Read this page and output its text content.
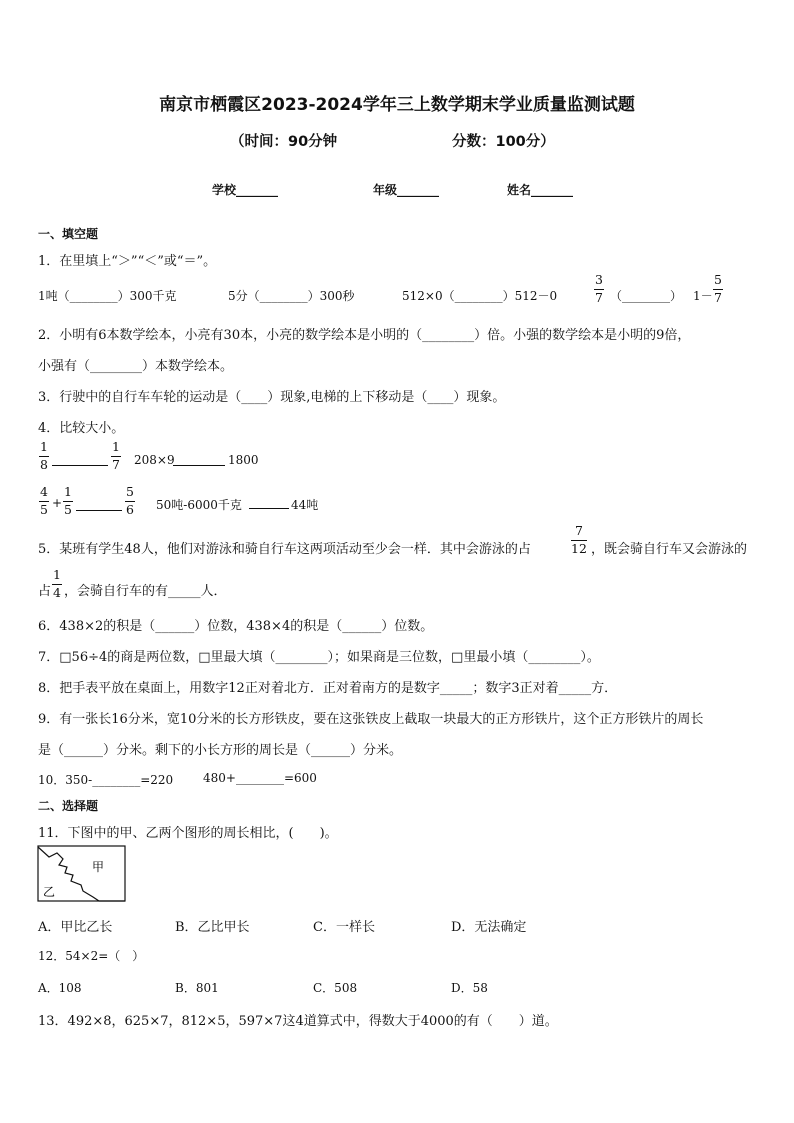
南京市栖霞区2023-2024学年三上数学期末学业质量监测试题
（时间：90分钟	分数：100分）
学校_______	年级_______	姓名_______
一、填空题
1．在里填上“＞”“＜”或“＝”。
1吨（________）300千克	5分（________）300秒	512×0（________）512－0	$\frac{3}{7}$ （________） $1- \frac{5}{7}$
2．小明有6本数学绘本，小亮有30本，小亮的数学绘本是小明的（________）倍。小强的数学绘本是小明的9倍，
小强有（________）本数学绘本。
3．行驶中的自行车车轮的运动是（____）现象,电梯的上下移动是（____）现象。
4．比较大小。
$\frac{1}{8}$	$\frac{1}{7} 208\times 9$	1800
$\frac{4}{5} + \frac{1}{5}$	$\frac{5}{6} 50$吨-6000千克	44吨
5．某班有学生48人，他们对游泳和骑自行车这两项活动至少会一样．其中会游泳的占	$\frac{7}{12}$ ，既会骑自行车又会游泳的
占 $\frac{1}{4}$ ，会骑自行车的有_____人．
6．438×2的积是（______）位数，438×4的积是（______）位数。
7．□56÷4的商是两位数，□里最大填（________）；如果商是三位数，□里最小填（________）。
8．把手表平放在桌面上，用数字12正对着北方．正对着南方的是数字_____；数字3正对着_____方．
9．有一张长16分米，宽10分米的长方形铁皮，要在这张铁皮上截取一块最大的正方形铁片，这个正方形铁片的周长
是（______）分米。剩下的小长方形的周长是（______）分米。
10．350-________=220 480+________=600
二、选择题
11．下图中的甲、乙两个图形的周长相比，(　　)。
甲
乙
A．甲比乙长	B．乙比甲长	C．一样长	D．无法确定
12．54×2=（　）
A．108	B．801	C．508	D．58
13．492×8，625×7，812×5，597×7这4道算式中，得数大于4000的有（　　）道。
